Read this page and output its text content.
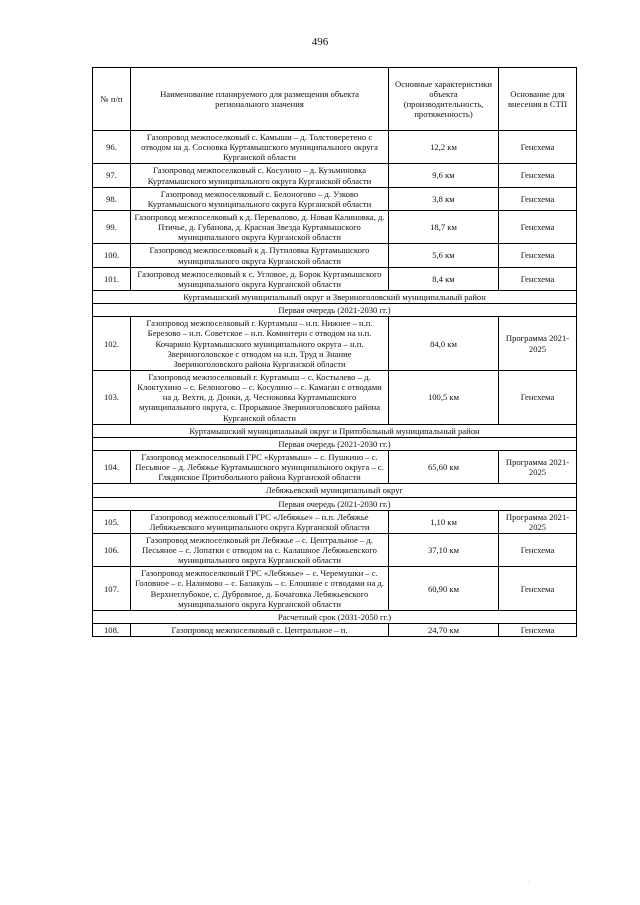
496
№ п/п	Наименование планируемого для размещения объекта регионального значения	Основные характеристики объекта (производительность, протяженность)	Основание для внесения в СТП
96.	Газопровод межпоселковый с. Камыши – д. Толстоверетено с отводом на д. Сосновка Куртамышского муниципального округа Курганской области	12,2 км	Генсхема
97.	Газопровод межпоселковый с. Косулино – д. Кузьминовка Куртамышского муниципального округа Курганской области	9,6 км	Генсхема
98.	Газопровод межпоселковый с. Белоногово – д. Узково Куртамышского муниципального округа Курганской области	3,8 км	Генсхема
99.	Газопровод межпоселковый к д. Перевалово, д. Новая Калиновка, д. Птичье, д. Губанова, д. Красная Звезда Куртамышского муниципального округа Курганской области	18,7 км	Генсхема
100.	Газопровод межпоселковый к д. Путиловка Куртамышского муниципального округа Курганской области	5,6 км	Генсхема
101.	Газопровод межпоселковый к с. Угловое, д. Борок Куртамышского муниципального округа Курганской области	8,4 км	Генсхема
Куртамышский муниципальный округ и Звериноголовский муниципальный район			
Первая очередь (2021-2030 гг.)			
102.	Газопровод межпоселковый г. Куртамыш – н.п. Нижнее – н.п. Березово – н.п. Советское – н.п. Коминтерн с отводом на н.п. Кочарино Куртамышского муниципального округа – н.п. Звериноголовское с отводом на н.п. Труд и Знание Звериноголовского района Курганской области	84,0 км	Программа 2021-2025
103.	Газопровод межпоселковый г. Куртамыш – с. Костылево – д. Клоктухино – с. Белоногово – с. Косулино – с. Камаган с отводами на д. Вехти, д. Донки, д. Чесноковка Куртамышского муниципального округа, с. Прорывное Звериноголовского района Курганской области	100,5 км	Генсхема
Куртамышский муниципальный округ и Притобольный муниципальный район			
Первая очередь (2021-2030 гг.)			
104.	Газопровод межпоселковый ГРС «Куртамыш» – с. Пушкино – с. Песьяное – д. Лебяжье Куртамышского муниципального округа – с. Глядянское Притобольного района Курганской области	65,60 км	Программа 2021-2025
Лебяжьевский муниципальный округ			
Первая очередь (2021-2030 гг.)			
105.	Газопровод межпоселковый ГРС «Лебяжье» – н.п. Лебяжье Лебяжьевского муниципального округа Курганской области	1,10 км	Программа 2021-2025
106.	Газопровод межпоселковый рп Лебяжье – с. Центральное – д. Песьяное – с. Лопатки с отводом на с. Калашное Лебяжьевского муниципального округа Курганской области	37,10 км	Генсхема
107.	Газопровод межпоселковый ГРС «Лебяжье» – с. Черемушки – с. Головное – с. Налимово – с. Балакуль – с. Елошное с отводами на д. Верхнеглубокое, с. Дубровное, д. Бочаговка Лебяжьевского муниципального округа Курганской области	60,90 км	Генсхема
Расчетный срок (2031-2050 гг.)			
108.	Газопровод межпоселковый с. Центральное – п.	24,70 км	Генсхема
·
